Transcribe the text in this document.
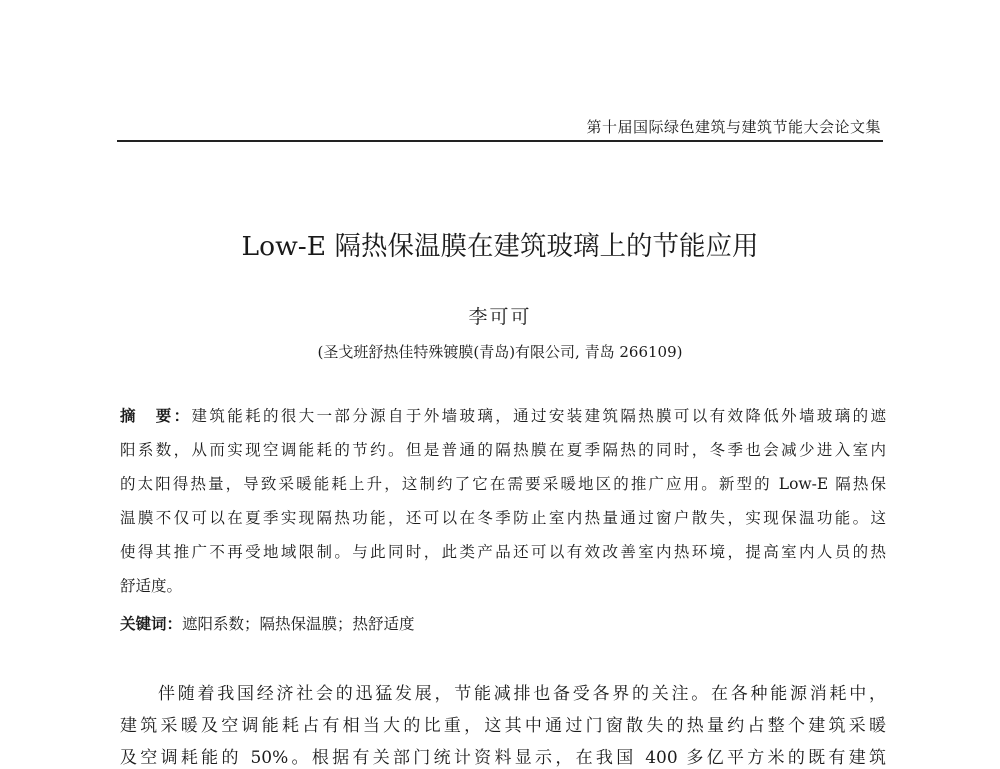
第十届国际绿色建筑与建筑节能大会论文集
Low-E 隔热保温膜在建筑玻璃上的节能应用
李可可
(圣戈班舒热佳特殊镀膜(青岛)有限公司, 青岛 266109)
摘　要：建筑能耗的很大一部分源自于外墙玻璃，通过安装建筑隔热膜可以有效降低外墙玻璃的遮
阳系数，从而实现空调能耗的节约。但是普通的隔热膜在夏季隔热的同时，冬季也会减少进入室内
的太阳得热量，导致采暖能耗上升，这制约了它在需要采暖地区的推广应用。新型的 Low-E 隔热保
温膜不仅可以在夏季实现隔热功能，还可以在冬季防止室内热量通过窗户散失，实现保温功能。这
使得其推广不再受地域限制。与此同时，此类产品还可以有效改善室内热环境，提高室内人员的热
舒适度。
关键词：遮阳系数；隔热保温膜；热舒适度
伴随着我国经济社会的迅猛发展，节能减排也备受各界的关注。在各种能源消耗中，
建筑采暖及空调能耗占有相当大的比重，这其中通过门窗散失的热量约占整个建筑采暖
及空调耗能的 50%。根据有关部门统计资料显示，在我国 400 多亿平方米的既有建筑
